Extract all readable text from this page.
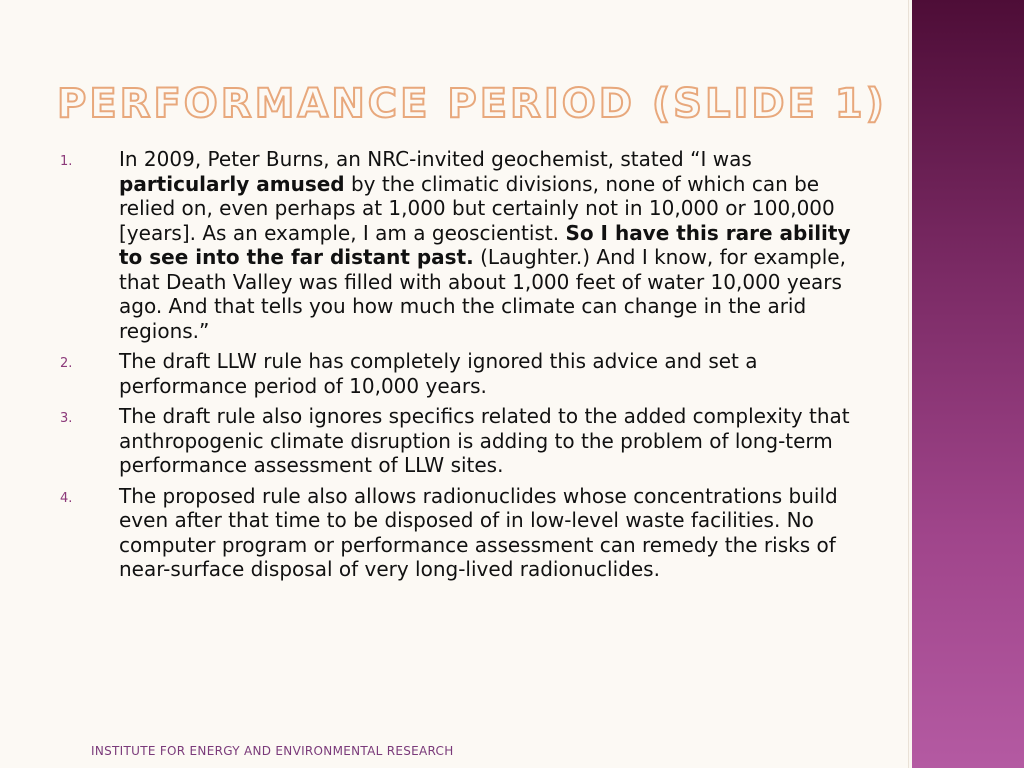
PERFORMANCE PERIOD (SLIDE 1)
1. In 2009, Peter Burns, an NRC-invited geochemist, stated “I was particularly amused by the climatic divisions, none of which can be relied on, even perhaps at 1,000 but certainly not in 10,000 or 100,000 [years]. As an example, I am a geoscientist. So I have this rare ability to see into the far distant past. (Laughter.) And I know, for example, that Death Valley was filled with about 1,000 feet of water 10,000 years ago. And that tells you how much the climate can change in the arid regions.”
2. The draft LLW rule has completely ignored this advice and set a performance period of 10,000 years.
3. The draft rule also ignores specifics related to the added complexity that anthropogenic climate disruption is adding to the problem of long-term performance assessment of LLW sites.
4. The proposed rule also allows radionuclides whose concentrations build even after that time to be disposed of in low-level waste facilities. No computer program or performance assessment can remedy the risks of near-surface disposal of very long-lived radionuclides.
INSTITUTE FOR ENERGY AND ENVIRONMENTAL RESEARCH
